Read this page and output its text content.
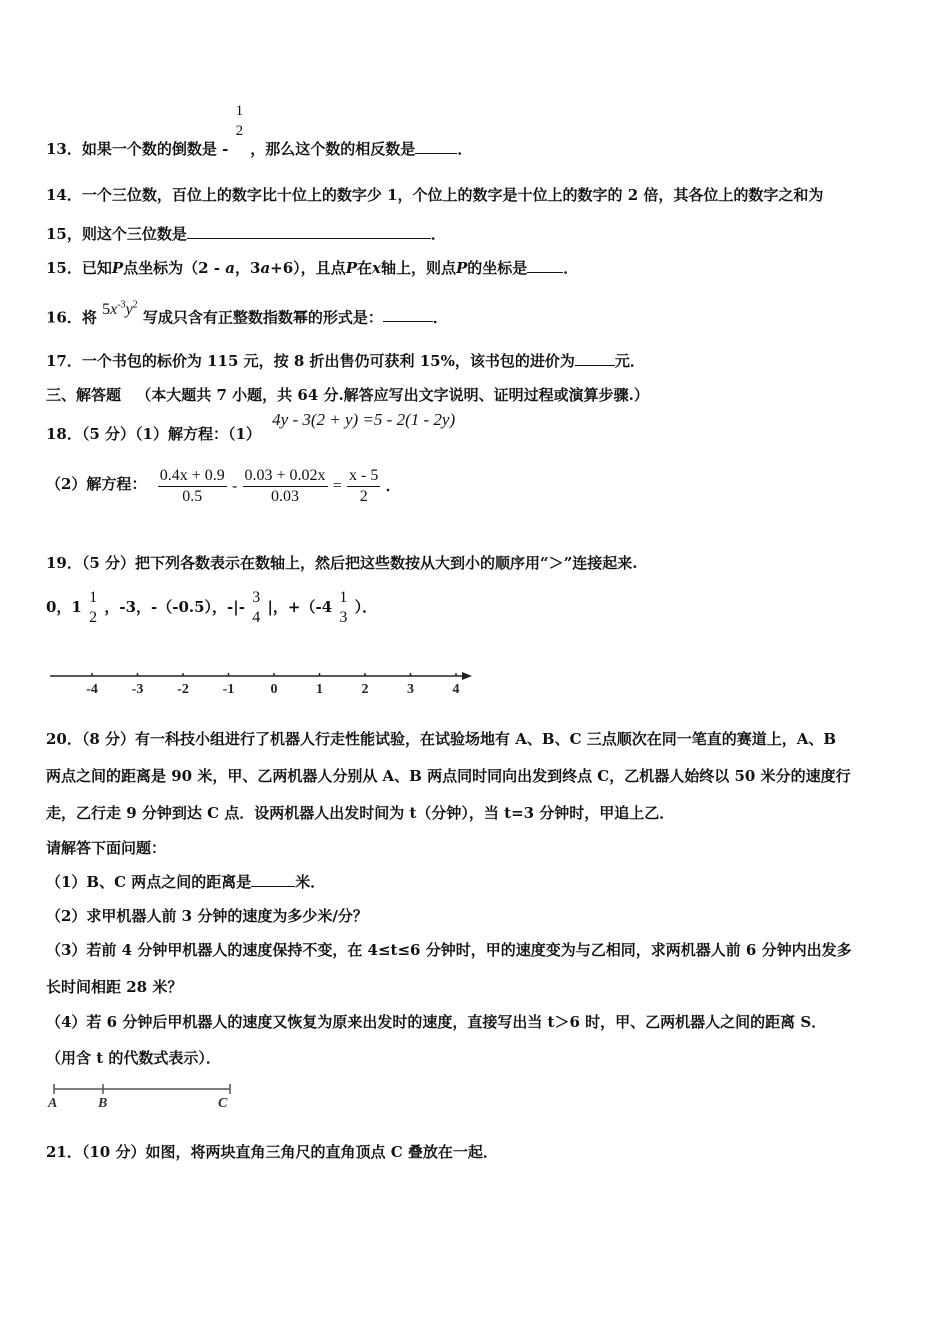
13．如果一个数的倒数是 -
1
2
，那么这个数的相反数是	．
14．一个三位数，百位上的数字比十位上的数字少 1，个位上的数字是十位上的数字的 2 倍，其各位上的数字之和为
15，则这个三位数是	．
15．已知P点坐标为（2 - a，3a+6），且点P在x轴上，则点P的坐标是 ．
16．将 $5x^{-3}y^2$ 写成只含有正整数指数幂的形式是：	．
17．一个书包的标价为 115 元，按 8 折出售仍可获利 15%，该书包的进价为	元．
三、解答题 （本大题共 7 小题，共 64 分.解答应写出文字说明、证明过程或演算步骤.）
18．（5 分）（1）解方程：（1） 4y - 3(2 + y) =5 - 2(1 - 2y)
（2）解方程： $\frac{0.4x + 0.9}{0.5} - \frac{0.03 + 0.02x}{0.03} = \frac{x - 5}{2}$ ．
19．（5 分）把下列各数表示在数轴上，然后把这些数按从大到小的顺序用“＞”连接起来.
0，1
1
2
，-3，-（-0.5），-|-
3
4
|，+（-4
1
3
）．
-4 -3 -2 -1	0	1	2	3	4
20．（8 分）有一科技小组进行了机器人行走性能试验，在试验场地有 A、B、C 三点顺次在同一笔直的赛道上，A、B
两点之间的距离是 90 米，甲、乙两机器人分别从 A、B 两点同时同向出发到终点 C，乙机器人始终以 50 米分的速度行
走，乙行走 9 分钟到达 C 点．设两机器人出发时间为 t（分钟），当 t=3 分钟时，甲追上乙．
请解答下面问题：
（1）B、C 两点之间的距离是	米．
（2）求甲机器人前 3 分钟的速度为多少米/分？
（3）若前 4 分钟甲机器人的速度保持不变，在 4≤t≤6 分钟时，甲的速度变为与乙相同，求两机器人前 6 分钟内出发多
长时间相距 28 米？
（4）若 6 分钟后甲机器人的速度又恢复为原来出发时的速度，直接写出当 t＞6 时，甲、乙两机器人之间的距离 S．
（用含 t 的代数式表示）．
A	B	C
21．（10 分）如图，将两块直角三角尺的直角顶点 C 叠放在一起．
